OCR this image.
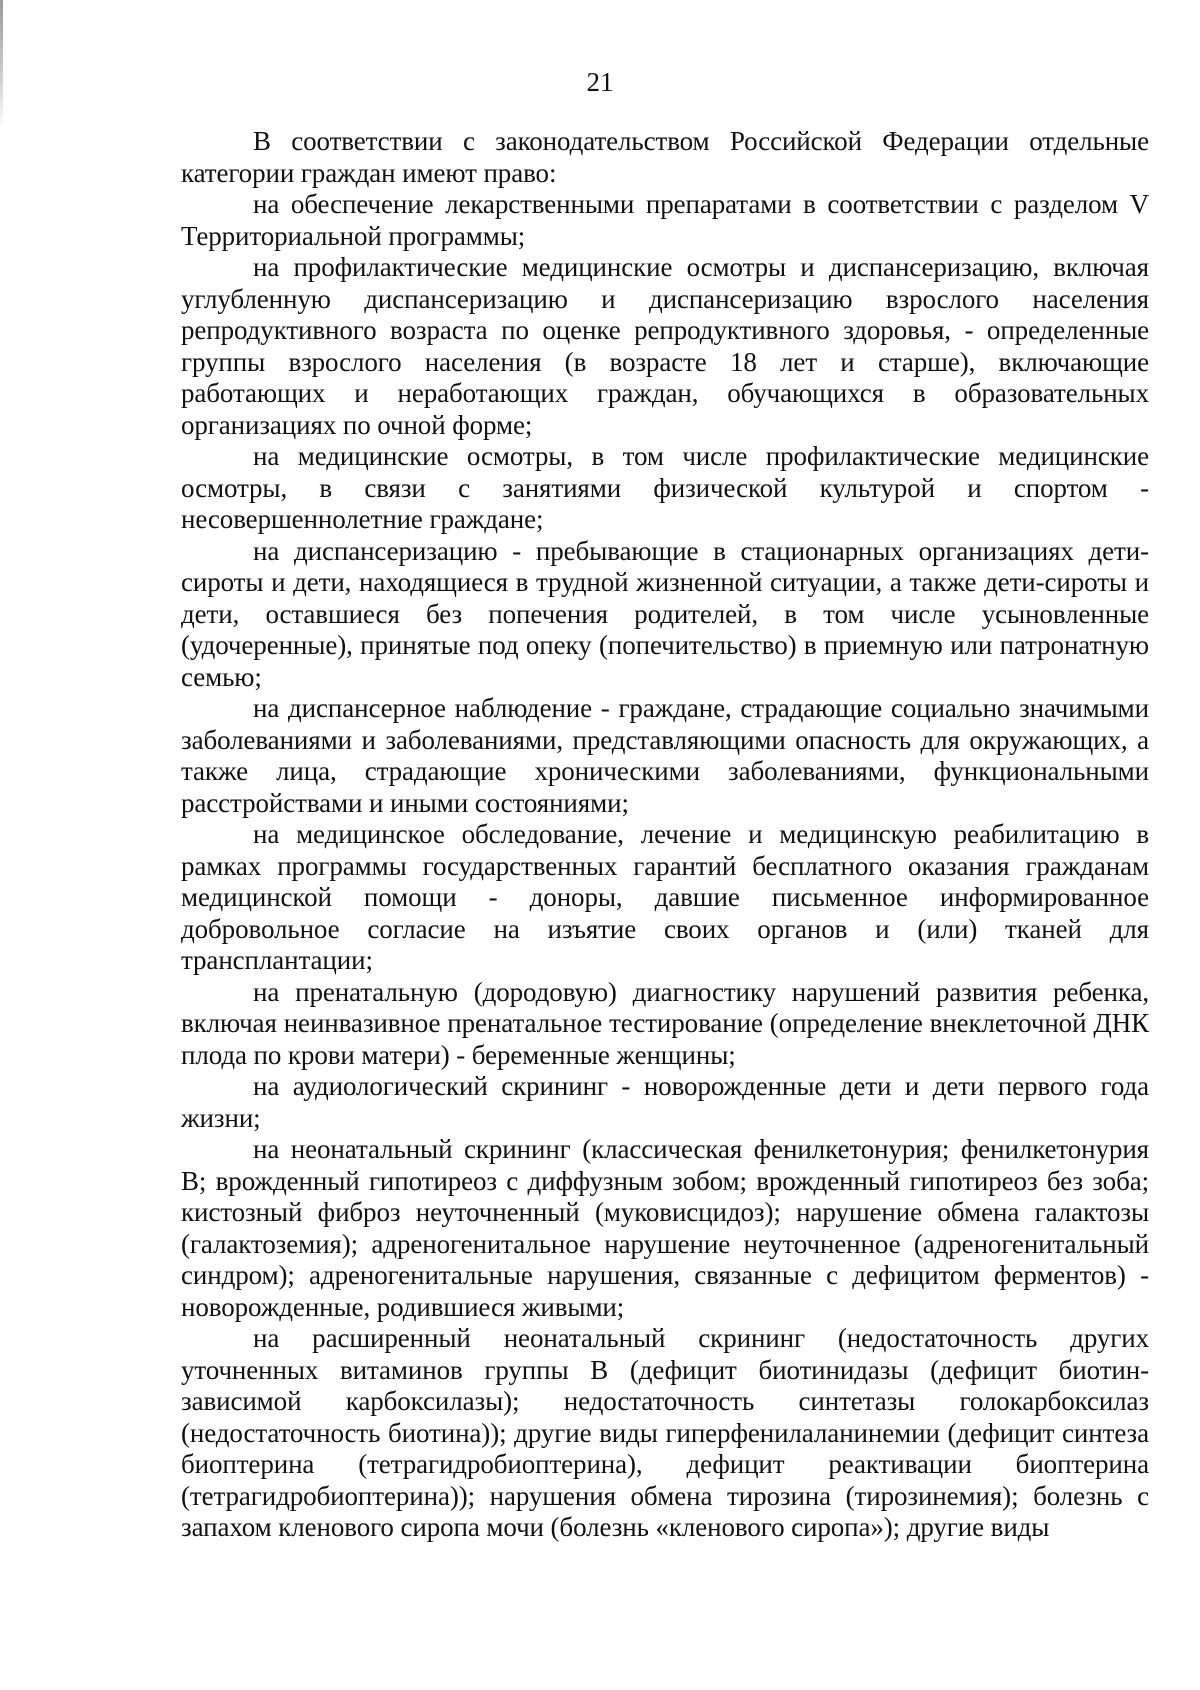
21

В соответствии с законодательством Российской Федерации отдельные категории граждан имеют право:

на обеспечение лекарственными препаратами в соответствии с разделом V Территориальной программы;

на профилактические медицинские осмотры и диспансеризацию, включая углубленную диспансеризацию и диспансеризацию взрослого населения репродуктивного возраста по оценке репродуктивного здоровья, - определенные группы взрослого населения (в возрасте 18 лет и старше), включающие работающих и неработающих граждан, обучающихся в образовательных организациях по очной форме;

на медицинские осмотры, в том числе профилактические медицинские осмотры, в связи с занятиями физической культурой и спортом - несовершеннолетние граждане;

на диспансеризацию - пребывающие в стационарных организациях дети-сироты и дети, находящиеся в трудной жизненной ситуации, а также дети-сироты и дети, оставшиеся без попечения родителей, в том числе усыновленные (удочеренные), принятые под опеку (попечительство) в приемную или патронатную семью;

на диспансерное наблюдение - граждане, страдающие социально значимыми заболеваниями и заболеваниями, представляющими опасность для окружающих, а также лица, страдающие хроническими заболеваниями, функциональными расстройствами и иными состояниями;

на медицинское обследование, лечение и медицинскую реабилитацию в рамках программы государственных гарантий бесплатного оказания гражданам медицинской помощи - доноры, давшие письменное информированное добровольное согласие на изъятие своих органов и (или) тканей для трансплантации;

на пренатальную (дородовую) диагностику нарушений развития ребенка, включая неинвазивное пренатальное тестирование (определение внеклеточной ДНК плода по крови матери) - беременные женщины;

на аудиологический скрининг - новорожденные дети и дети первого года жизни;

на неонатальный скрининг (классическая фенилкетонурия; фенилкетонурия В; врожденный гипотиреоз с диффузным зобом; врожденный гипотиреоз без зоба; кистозный фиброз неуточненный (муковисцидоз); нарушение обмена галактозы (галактоземия); адреногенитальное нарушение неуточненное (адреногенитальный синдром); адреногенитальные нарушения, связанные с дефицитом ферментов) - новорожденные, родившиеся живыми;

на расширенный неонатальный скрининг (недостаточность других уточненных витаминов группы В (дефицит биотинидазы (дефицит биотин-зависимой карбоксилазы); недостаточность синтетазы голокарбоксилаз (недостаточность биотина)); другие виды гиперфенилаланинемии (дефицит синтеза биоптерина (тетрагидробиоптерина), дефицит реактивации биоптерина (тетрагидробиоптерина)); нарушения обмена тирозина (тирозинемия); болезнь с запахом кленового сиропа мочи (болезнь «кленового сиропа»); другие виды
